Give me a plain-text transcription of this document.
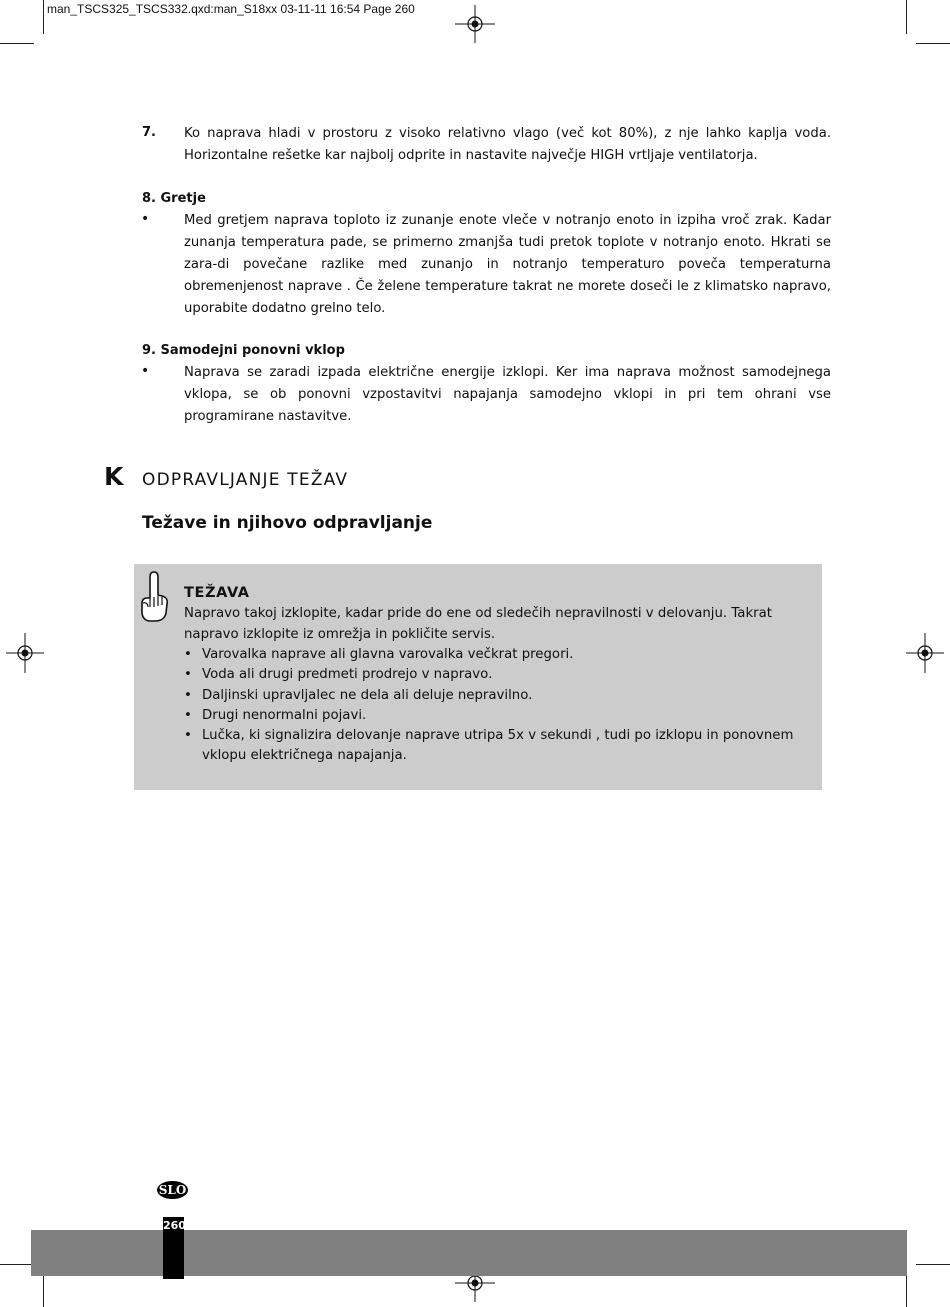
man_TSCS325_TSCS332.qxd:man_S18xx 03-11-11 16:54 Page 260
7. Ko naprava hladi v prostoru z visoko relativno vlago (več kot 80%), z nje lahko kaplja voda. Horizontalne rešetke kar najbolj odprite in nastavite največje HIGH vrtljaje ventilatorja.
8. Gretje
•	Med gretjem naprava toploto iz zunanje enote vleče v notranjo enoto in izpiha vroč zrak. Kadar zunanja temperatura pade, se primerno zmanjša tudi pretok toplote v notranjo enoto. Hkrati se zara-di povečane razlike med zunanjo in notranjo temperaturo poveča temperaturna obremenjenost naprave . Če želene temperature takrat ne morete doseči le z klimatsko napravo, uporabite dodatno grelno telo.
9. Samodejni ponovni vklop
•	Naprava se zaradi izpada električne energije izklopi. Ker ima naprava možnost samodejnega vklopa, se ob ponovni vzpostavitvi napajanja samodejno vklopi in pri tem ohrani vse programirane nastavitve.
K ODPRAVLJANJE TEŽAV
Težave in njihovo odpravljanje
TEŽAVA
Napravo takoj izklopite, kadar pride do ene od sledečih nepravilnosti v delovanju. Takrat
napravo izklopite iz omrežja in pokličite servis.
• Varovalka naprave ali glavna varovalka večkrat pregori.
• Voda ali drugi predmeti prodrejo v napravo.
• Daljinski upravljalec ne dela ali deluje nepravilno.
• Drugi nenormalni pojavi.
• Lučka, ki signalizira delovanje naprave utripa 5x v sekundi , tudi po izklopu in ponovnem vklopu električnega napajanja.
SLO
260
